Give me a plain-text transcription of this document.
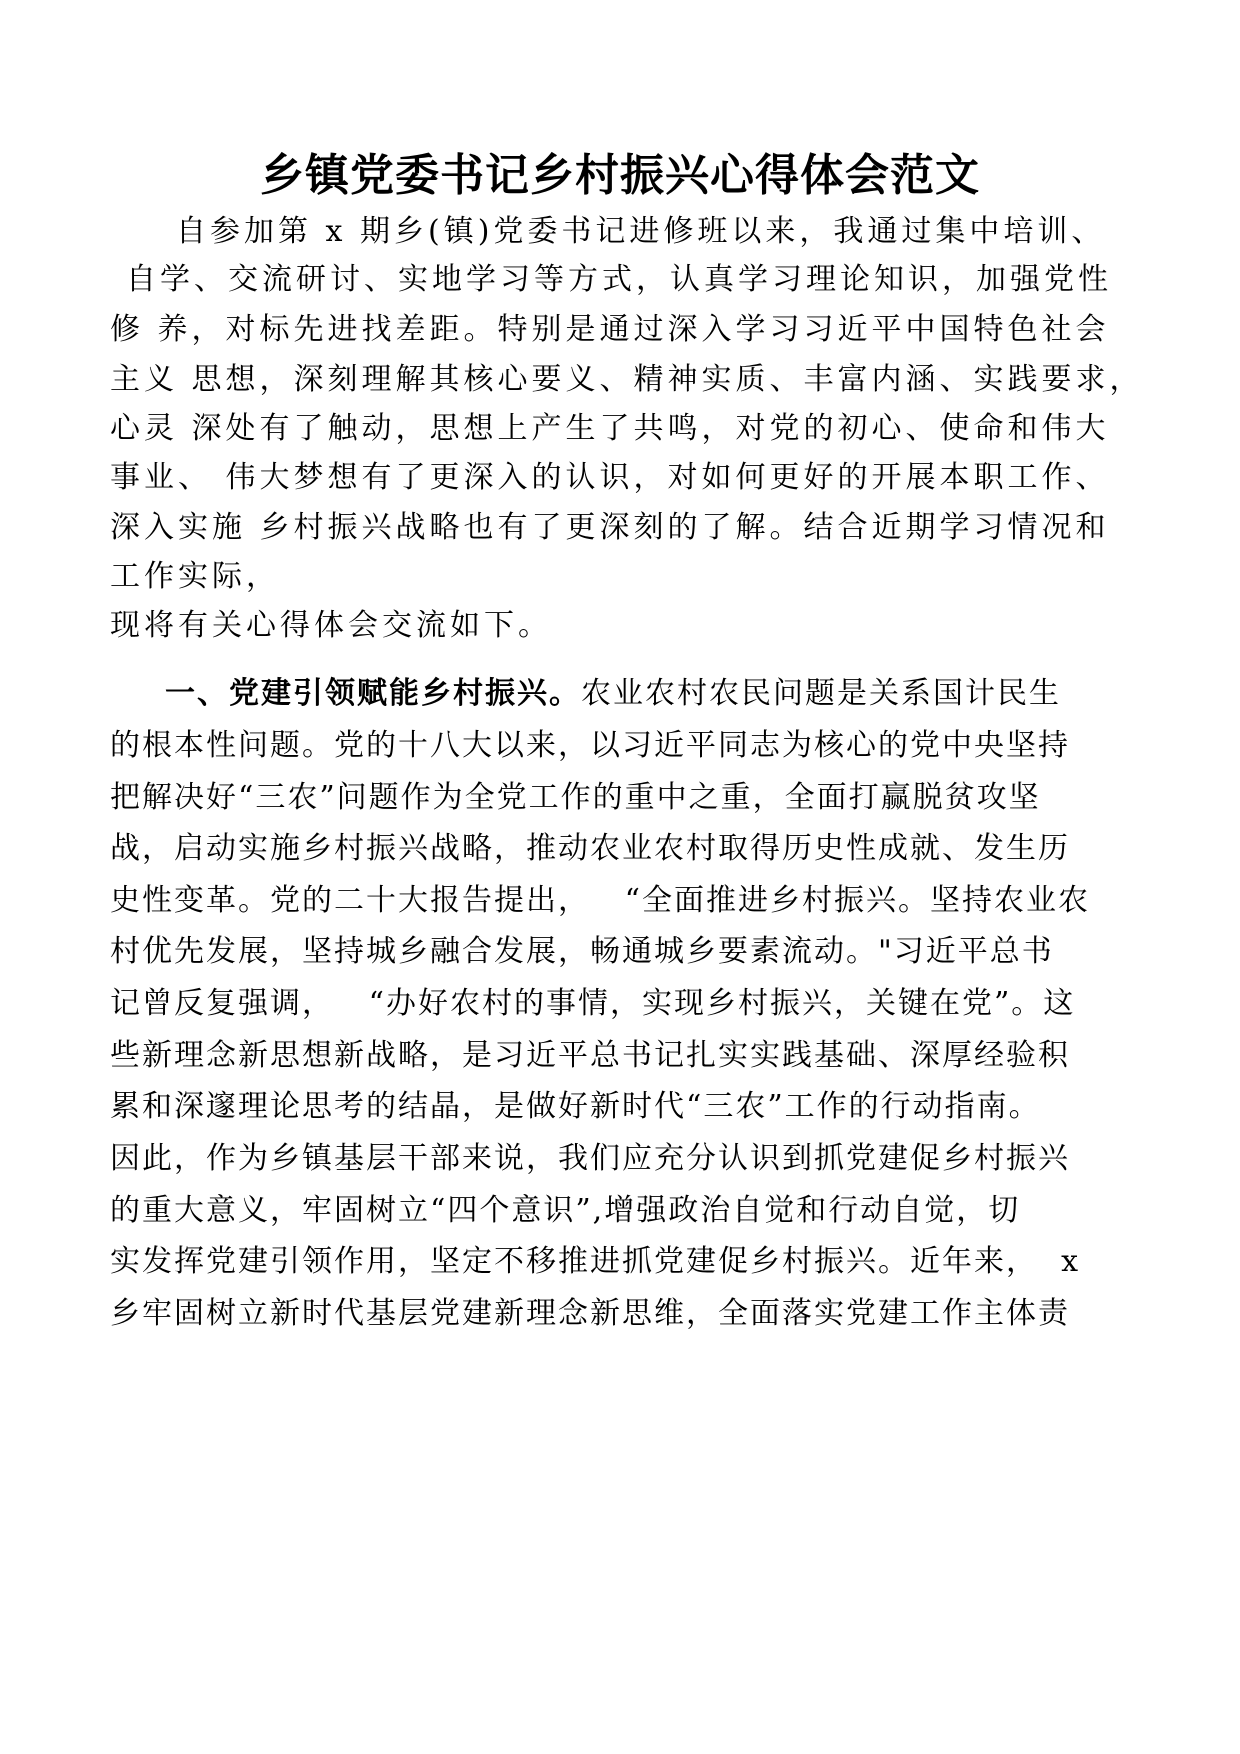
乡镇党委书记乡村振兴心得体会范文
自参加第 x 期乡(镇)党委书记进修班以来，我通过集中培训、
自学、交流研讨、实地学习等方式，认真学习理论知识，加强党性
修 养，对标先进找差距。特别是通过深入学习习近平中国特色社会
主义 思想，深刻理解其核心要义、精神实质、丰富内涵、实践要求，
心灵 深处有了触动，思想上产生了共鸣，对党的初心、使命和伟大
事业、 伟大梦想有了更深入的认识，对如何更好的开展本职工作、
深入实施 乡村振兴战略也有了更深刻的了解。结合近期学习情况和
工作实际，
现将有关心得体会交流如下。
一、党建引领赋能乡村振兴。农业农村农民问题是关系国计民生
的根本性问题。党的十八大以来，以习近平同志为核心的党中央坚持
把解决好“三农”问题作为全党工作的重中之重，全面打赢脱贫攻坚
战，启动实施乡村振兴战略，推动农业农村取得历史性成就、发生历
史性变革。党的二十大报告提出，   “全面推进乡村振兴。坚持农业农
村优先发展，坚持城乡融合发展，畅通城乡要素流动。"习近平总书
记曾反复强调，   “办好农村的事情，实现乡村振兴，关键在党”。这
些新理念新思想新战略，是习近平总书记扎实实践基础、深厚经验积
累和深邃理论思考的结晶，是做好新时代“三农”工作的行动指南。
因此，作为乡镇基层干部来说，我们应充分认识到抓党建促乡村振兴
的重大意义，牢固树立“四个意识”,增强政治自觉和行动自觉，切
实发挥党建引领作用，坚定不移推进抓党建促乡村振兴。近年来，  x
乡牢固树立新时代基层党建新理念新思维，全面落实党建工作主体责
